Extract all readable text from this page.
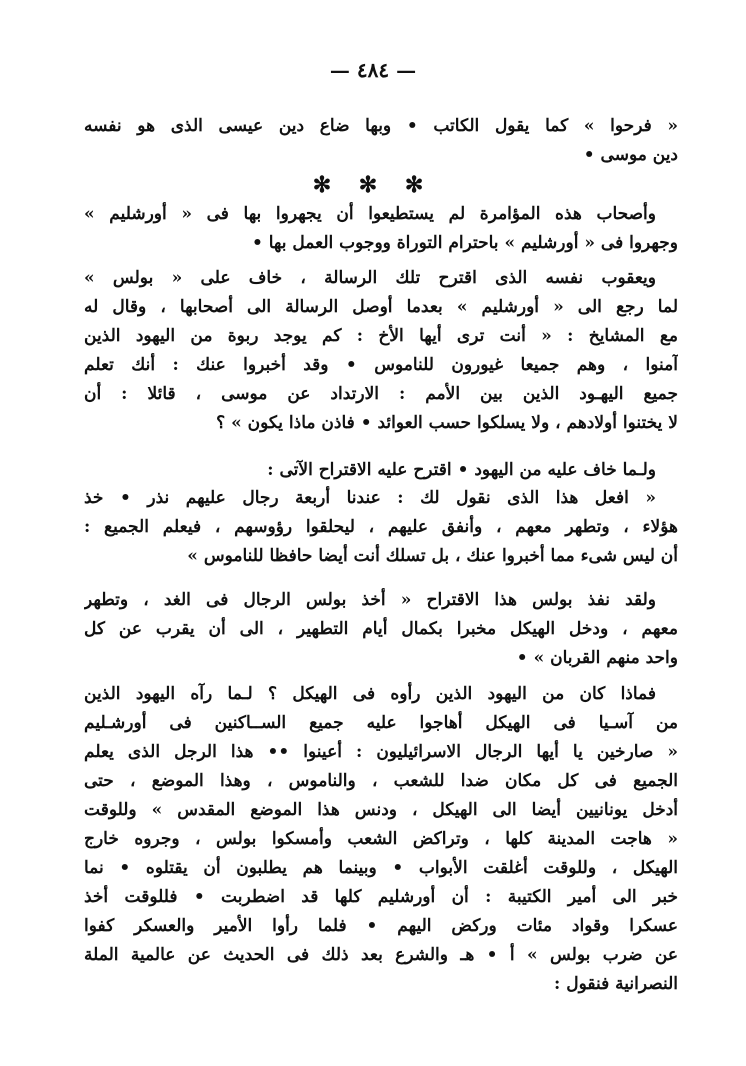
— ٤٨٤ —
« فرحوا » كما يقول الكاتب • وبها ضاع دين عيسى الذى هو نفسه
دين موسى •
✻ ✻ ✻
وأصحاب هذه المؤامرة لم يستطيعوا أن يجهروا بها فى « أورشليم »
وجهروا فى « أورشليم » باحترام التوراة ووجوب العمل بها •
ويعقوب نفسه الذى اقترح تلك الرسالة ، خاف على « بولس »
لما رجع الى « أورشليم » بعدما أوصل الرسالة الى أصحابها ، وقال له
مع المشايخ : « أنت ترى أيها الأخ : كم يوجد ربوة من اليهود الذين
آمنوا ، وهم جميعا غيورون للناموس • وقد أخبروا عنك : أنك تعلم
جميع اليهـود الذين بين الأمم : الارتداد عن موسى ، قائلا : أن
لا يختنوا أولادهم ، ولا يسلكوا حسب العوائد • فاذن ماذا يكون » ؟
ولـما خاف عليه من اليهود • اقترح عليه الاقتراح الآتى :
« افعل هذا الذى نقول لك : عندنا أربعة رجال عليهم نذر • خذ
هؤلاء ، وتطهر معهم ، وأنفق عليهم ، ليحلقوا رؤوسهم ، فيعلم الجميع :
أن ليس شىء مما أخبروا عنك ، بل تسلك أنت أيضا حافظا للناموس »
ولقد نفذ بولس هذا الاقتراح « أخذ بولس الرجال فى الغد ، وتطهر
معهم ، ودخل الهيكل مخبرا بكمال أيام التطهير ، الى أن يقرب عن كل
واحد منهم القربان » •
فماذا كان من اليهود الذين رأوه فى الهيكل ؟ لـما رآه اليهود الذين
من آسـيا فى الهيكل أهاجوا عليه جميع الســاكنين فى أورشـليم
« صارخين يا أيها الرجال الاسرائيليون : أعينوا •• هذا الرجل الذى يعلم
الجميع فى كل مكان ضدا للشعب ، والناموس ، وهذا الموضع ، حتى
أدخل يونانيين أيضا الى الهيكل ، ودنس هذا الموضع المقدس » وللوقت
« هاجت المدينة كلها ، وتراكض الشعب وأمسكوا بولس ، وجروه خارج
الهيكل ، وللوقت أغلقت الأبواب • وبينما هم يطلبون أن يقتلوه • نما
خبر الى أمير الكتيبة : أن أورشليم كلها قد اضطربت • فللوقت أخذ
عسكرا وقواد مئات وركض اليهم • فلما رأوا الأمير والعسكر كفوا
عن ضرب بولس » أ • هـ والشرع بعد ذلك فى الحديث عن عالمية الملة
النصرانية فنقول :
